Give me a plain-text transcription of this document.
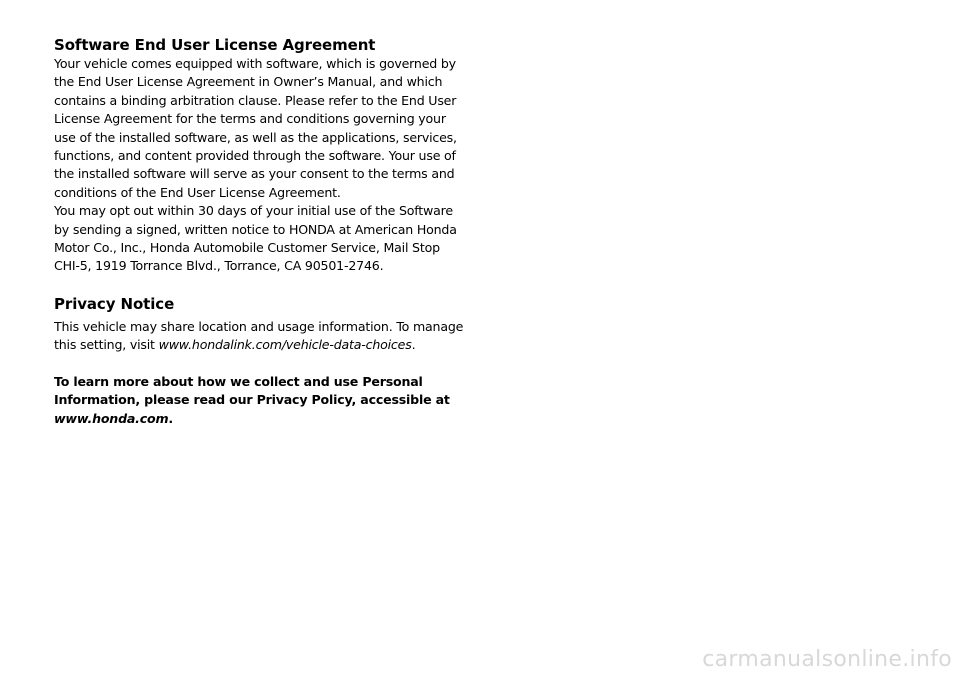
Software End User License Agreement

Your vehicle comes equipped with software, which is governed by
the End User License Agreement in Owner’s Manual, and which
contains a binding arbitration clause. Please refer to the End User
License Agreement for the terms and conditions governing your
use of the installed software, as well as the applications, services,
functions, and content provided through the software. Your use of
the installed software will serve as your consent to the terms and
conditions of the End User License Agreement.
You may opt out within 30 days of your initial use of the Software
by sending a signed, written notice to HONDA at American Honda
Motor Co., Inc., Honda Automobile Customer Service, Mail Stop
CHI-5, 1919 Torrance Blvd., Torrance, CA 90501-2746.

Privacy Notice

This vehicle may share location and usage information. To manage
this setting, visit www.hondalink.com/vehicle-data-choices.

To learn more about how we collect and use Personal
Information, please read our Privacy Policy, accessible at
www.honda.com.

carmanualsonline.info
